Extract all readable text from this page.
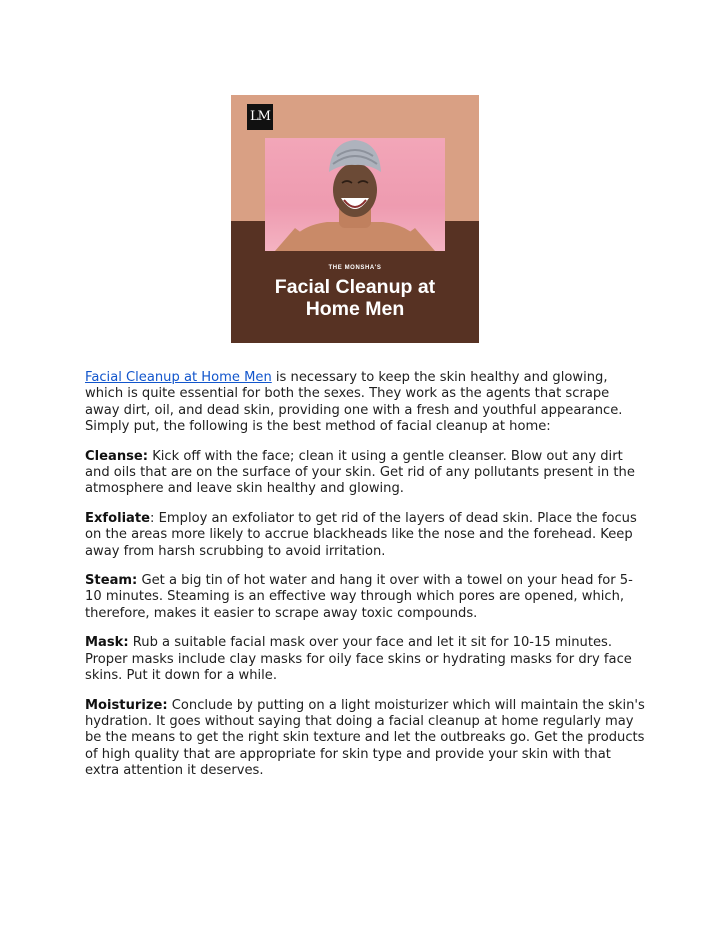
LM
THE MONSHA'S
Facial Cleanup at
Home Men

Facial Cleanup at Home Men is necessary to keep the skin healthy and glowing, which is quite essential for both the sexes. They work as the agents that scrape away dirt, oil, and dead skin, providing one with a fresh and youthful appearance. Simply put, the following is the best method of facial cleanup at home:

Cleanse: Kick off with the face; clean it using a gentle cleanser. Blow out any dirt and oils that are on the surface of your skin. Get rid of any pollutants present in the atmosphere and leave skin healthy and glowing.

Exfoliate: Employ an exfoliator to get rid of the layers of dead skin. Place the focus on the areas more likely to accrue blackheads like the nose and the forehead. Keep away from harsh scrubbing to avoid irritation.

Steam: Get a big tin of hot water and hang it over with a towel on your head for 5-10 minutes. Steaming is an effective way through which pores are opened, which, therefore, makes it easier to scrape away toxic compounds.

Mask: Rub a suitable facial mask over your face and let it sit for 10-15 minutes. Proper masks include clay masks for oily face skins or hydrating masks for dry face skins. Put it down for a while.

Moisturize: Conclude by putting on a light moisturizer which will maintain the skin's hydration. It goes without saying that doing a facial cleanup at home regularly may be the means to get the right skin texture and let the outbreaks go. Get the products of high quality that are appropriate for skin type and provide your skin with that extra attention it deserves.
